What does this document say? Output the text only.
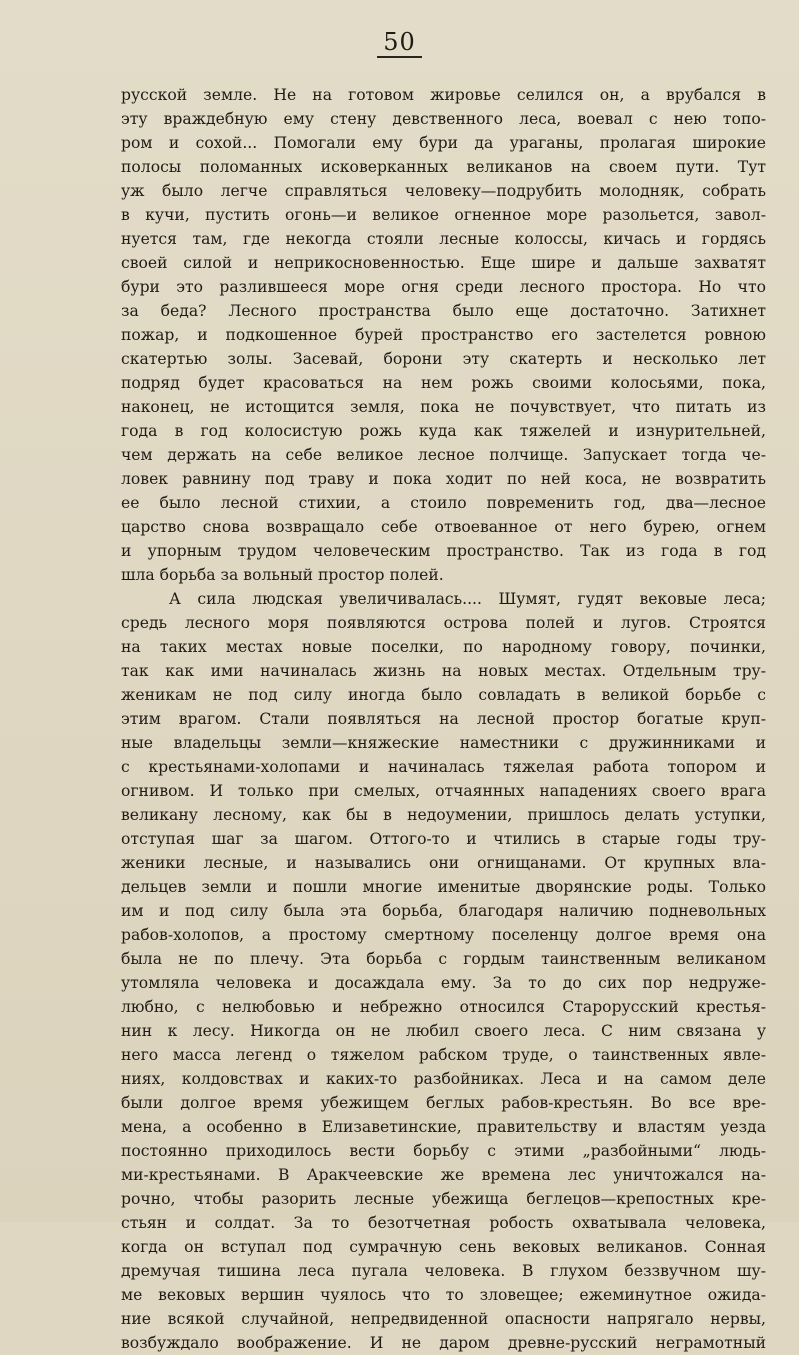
50
русской земле. Не на готовом жировье селился он, а врубался в
эту враждебную ему стену девственного леса, воевал с нею топо-
ром и сохой... Помогали ему бури да ураганы, пролагая широкие
полосы поломанных исковерканных великанов на своем пути. Тут
уж было легче справляться человеку—подрубить молодняк, собрать
в кучи, пустить огонь—и великое огненное море разольется, завол-
нуется там, где некогда стояли лесные колоссы, кичась и гордясь
своей силой и неприкосновенностью. Еще шире и дальше захватят
бури это разлившееся море огня среди лесного простора. Но что
за беда? Лесного пространства было еще достаточно. Затихнет
пожар, и подкошенное бурей пространство его застелется ровною
скатертью золы. Засевай, борони эту скатерть и несколько лет
подряд будет красоваться на нем рожь своими колосьями, пока,
наконец, не истощится земля, пока не почувствует, что питать из
года в год колосистую рожь куда как тяжелей и изнурительней,
чем держать на себе великое лесное полчище. Запускает тогда че-
ловек равнину под траву и пока ходит по ней коса, не возвратить
ее было лесной стихии, а стоило повременить год, два—лесное
царство снова возвращало себе отвоеванное от него бурею, огнем
и упорным трудом человеческим пространство. Так из года в год
шла борьба за вольный простор полей.
А сила людская увеличивалась.... Шумят, гудят вековые леса;
средь лесного моря появляются острова полей и лугов. Строятся
на таких местах новые поселки, по народному говору, починки,
так как ими начиналась жизнь на новых местах. Отдельным тру-
женикам не под силу иногда было совладать в великой борьбе с
этим врагом. Стали появляться на лесной простор богатые круп-
ные владельцы земли—княжеские наместники с дружинниками и
с крестьянами-холопами и начиналась тяжелая работа топором и
огнивом. И только при смелых, отчаянных нападениях своего врага
великану лесному, как бы в недоумении, пришлось делать уступки,
отступая шаг за шагом. Оттого-то и чтились в старые годы тру-
женики лесные, и назывались они огнищанами. От крупных вла-
дельцев земли и пошли многие именитые дворянские роды. Только
им и под силу была эта борьба, благодаря наличию подневольных
рабов-холопов, а простому смертному поселенцу долгое время она
была не по плечу. Эта борьба с гордым таинственным великаном
утомляла человека и досаждала ему. За то до сих пор недруже-
любно, с нелюбовью и небрежно относился Старорусский крестья-
нин к лесу. Никогда он не любил своего леса. С ним связана у
него масса легенд о тяжелом рабском труде, о таинственных явле-
ниях, колдовствах и каких-то разбойниках. Леса и на самом деле
были долгое время убежищем беглых рабов-крестьян. Во все вре-
мена, а особенно в Елизаветинские, правительству и властям уезда
постоянно приходилось вести борьбу с этими „разбойными“ людь-
ми-крестьянами. В Аракчеевские же времена лес уничтожался на-
рочно, чтобы разорить лесные убежища беглецов—крепостных кре-
стьян и солдат. За то безотчетная робость охватывала человека,
когда он вступал под сумрачную сень вековых великанов. Сонная
дремучая тишина леса пугала человека. В глухом беззвучном шу-
ме вековых вершин чуялось что то зловещее; ежеминутное ожида-
ние всякой случайной, непредвиденной опасности напрягало нервы,
возбуждало воображение. И не даром древне-русский неграмотный
